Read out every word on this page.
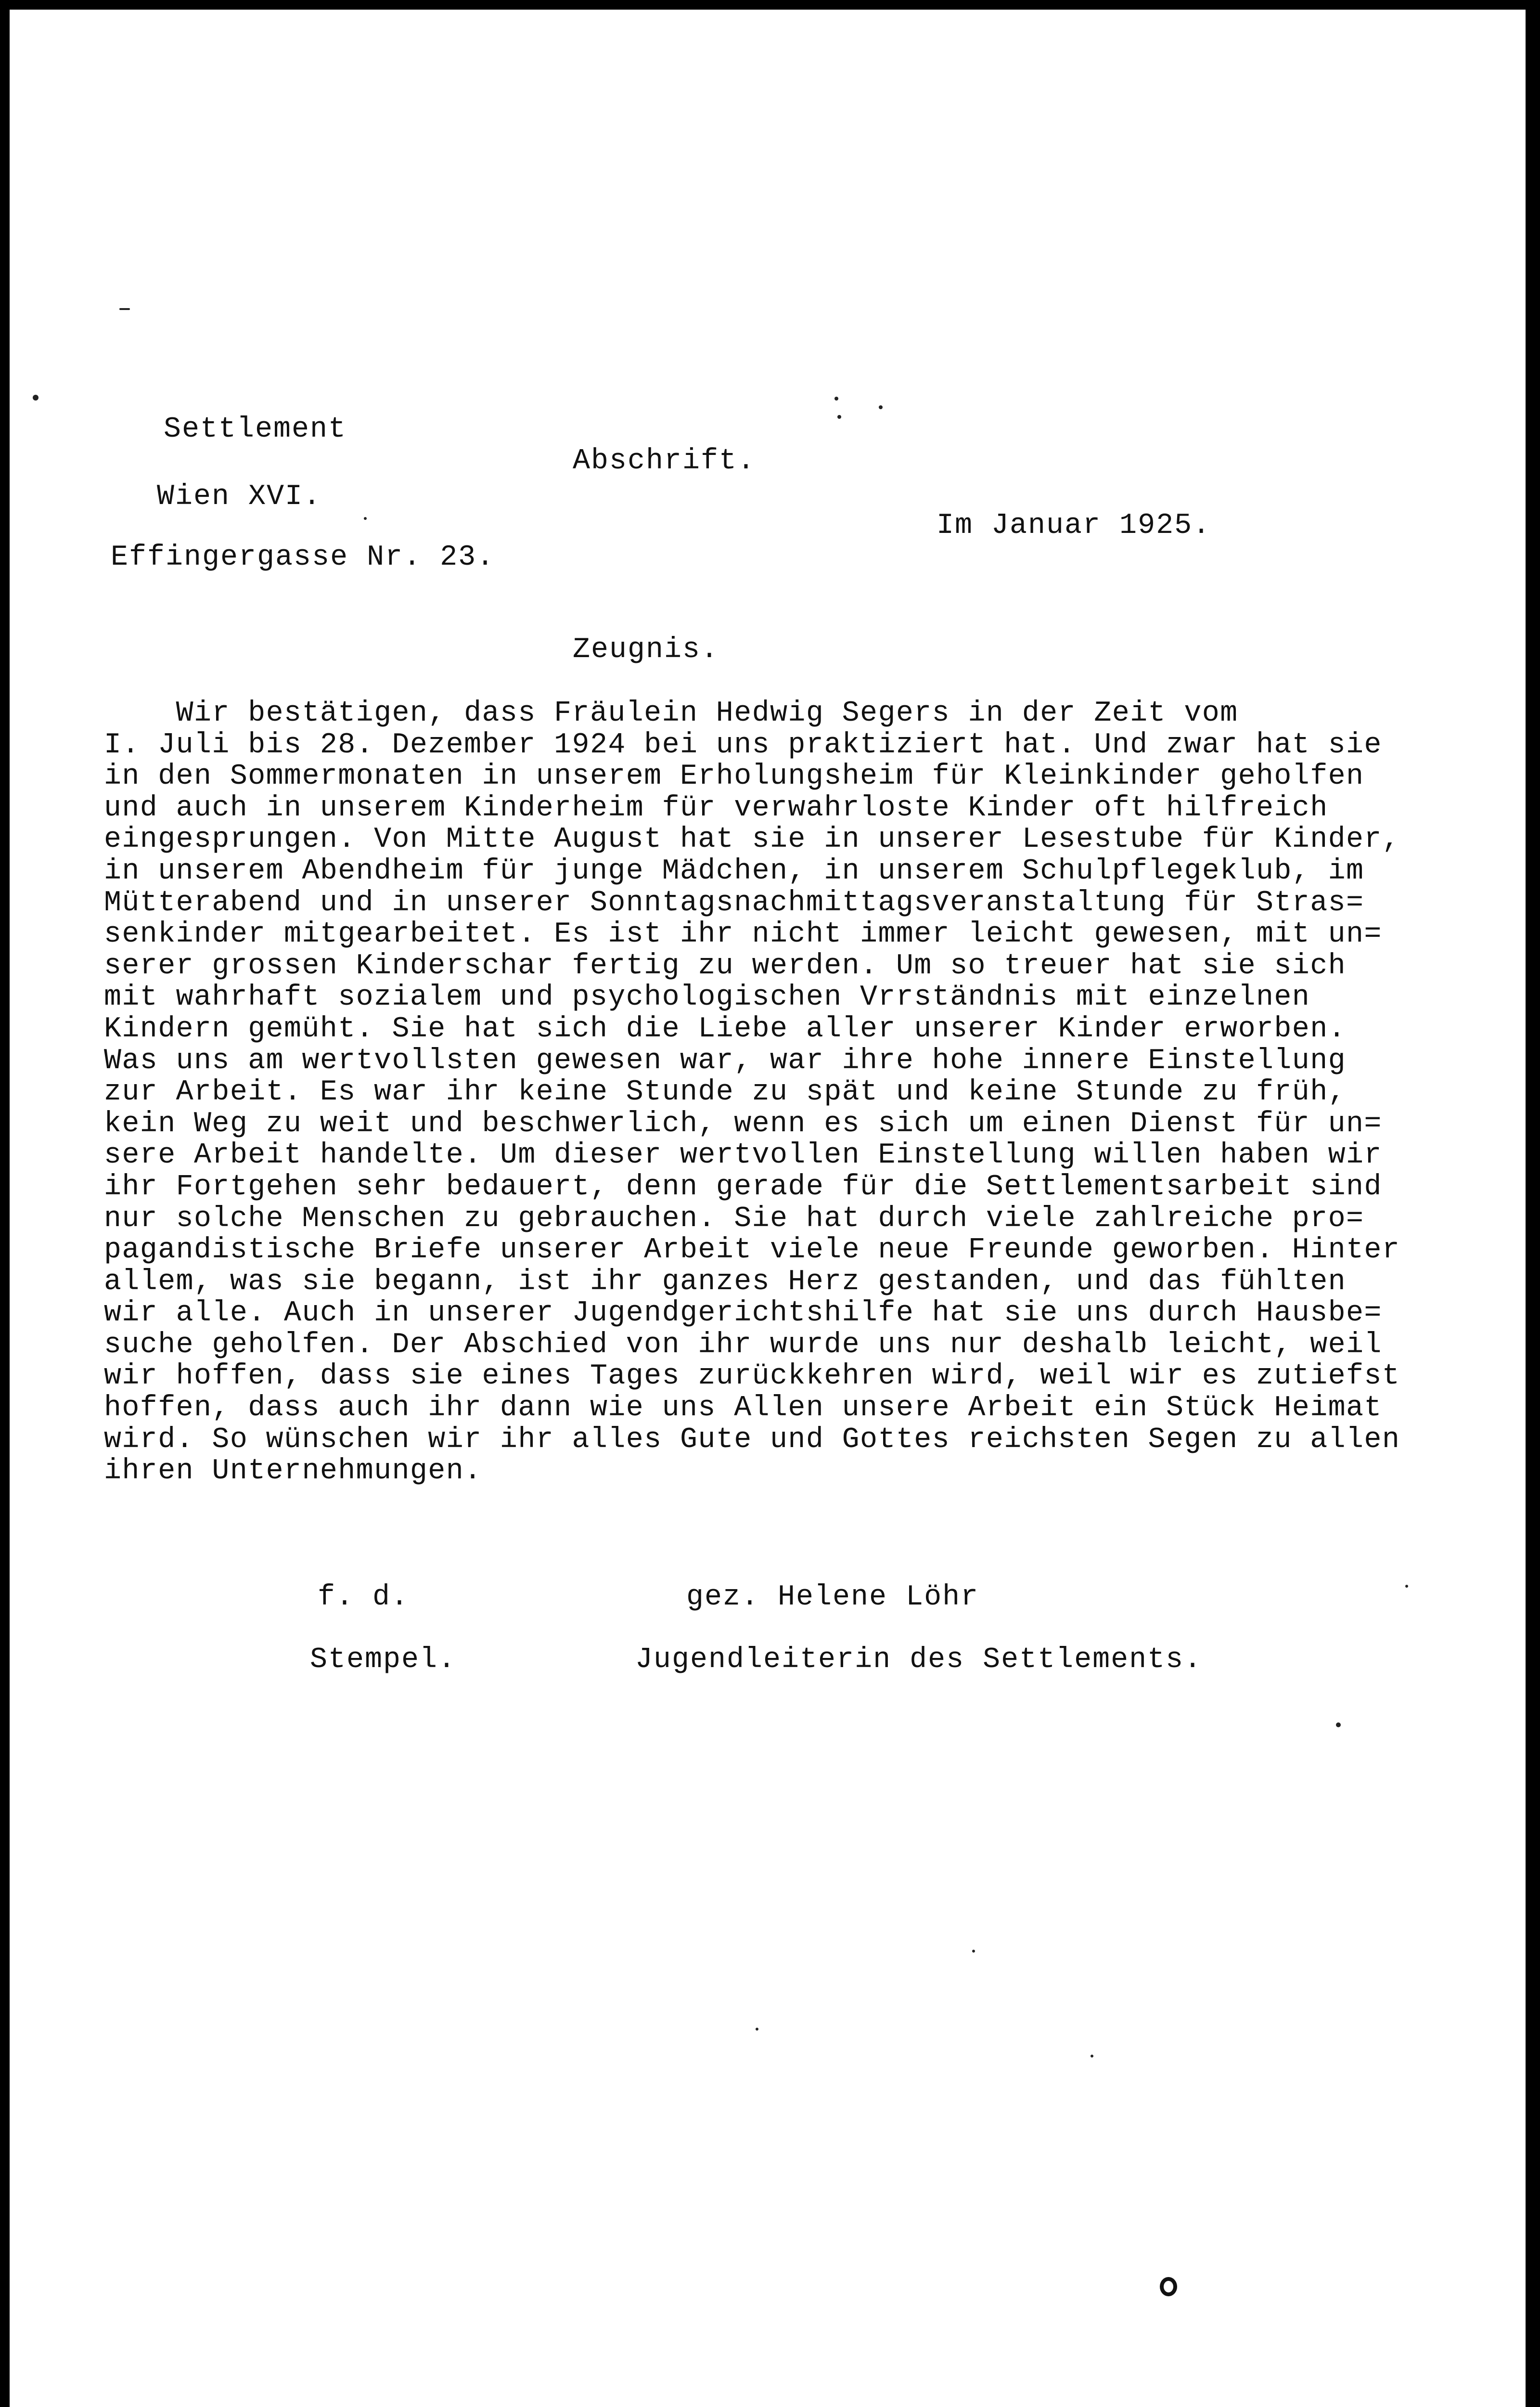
Settlement
Abschrift.
Wien XVI.
Im Januar 1925.
Effingergasse Nr. 23.
Zeugnis.
Wir bestätigen, dass Fräulein Hedwig Segers in der Zeit vom
I. Juli bis 28. Dezember 1924 bei uns praktiziert hat. Und zwar hat sie
in den Sommermonaten in unserem Erholungsheim für Kleinkinder geholfen
und auch in unserem Kinderheim für verwahrloste Kinder oft hilfreich
eingesprungen. Von Mitte August hat sie in unserer Lesestube für Kinder,
in unserem Abendheim für junge Mädchen, in unserem Schulpflegeklub, im
Mütterabend und in unserer Sonntagsnachmittagsveranstaltung für Stras=
senkinder mitgearbeitet. Es ist ihr nicht immer leicht gewesen, mit un=
serer grossen Kinderschar fertig zu werden. Um so treuer hat sie sich
mit wahrhaft sozialem und psychologischen Vrrständnis mit einzelnen
Kindern gemüht. Sie hat sich die Liebe aller unserer Kinder erworben.
Was uns am wertvollsten gewesen war, war ihre hohe innere Einstellung
zur Arbeit. Es war ihr keine Stunde zu spät und keine Stunde zu früh,
kein Weg zu weit und beschwerlich, wenn es sich um einen Dienst für un=
sere Arbeit handelte. Um dieser wertvollen Einstellung willen haben wir
ihr Fortgehen sehr bedauert, denn gerade für die Settlementsarbeit sind
nur solche Menschen zu gebrauchen. Sie hat durch viele zahlreiche pro=
pagandistische Briefe unserer Arbeit viele neue Freunde geworben. Hinter
allem, was sie begann, ist ihr ganzes Herz gestanden, und das fühlten
wir alle. Auch in unserer Jugendgerichtshilfe hat sie uns durch Hausbe=
suche geholfen. Der Abschied von ihr wurde uns nur deshalb leicht, weil
wir hoffen, dass sie eines Tages zurückkehren wird, weil wir es zutiefst
hoffen, dass auch ihr dann wie uns Allen unsere Arbeit ein Stück Heimat
wird. So wünschen wir ihr alles Gute und Gottes reichsten Segen zu allen
ihren Unternehmungen.
f. d.	gez. Helene Löhr
Stempel.	Jugendleiterin des Settlements.
